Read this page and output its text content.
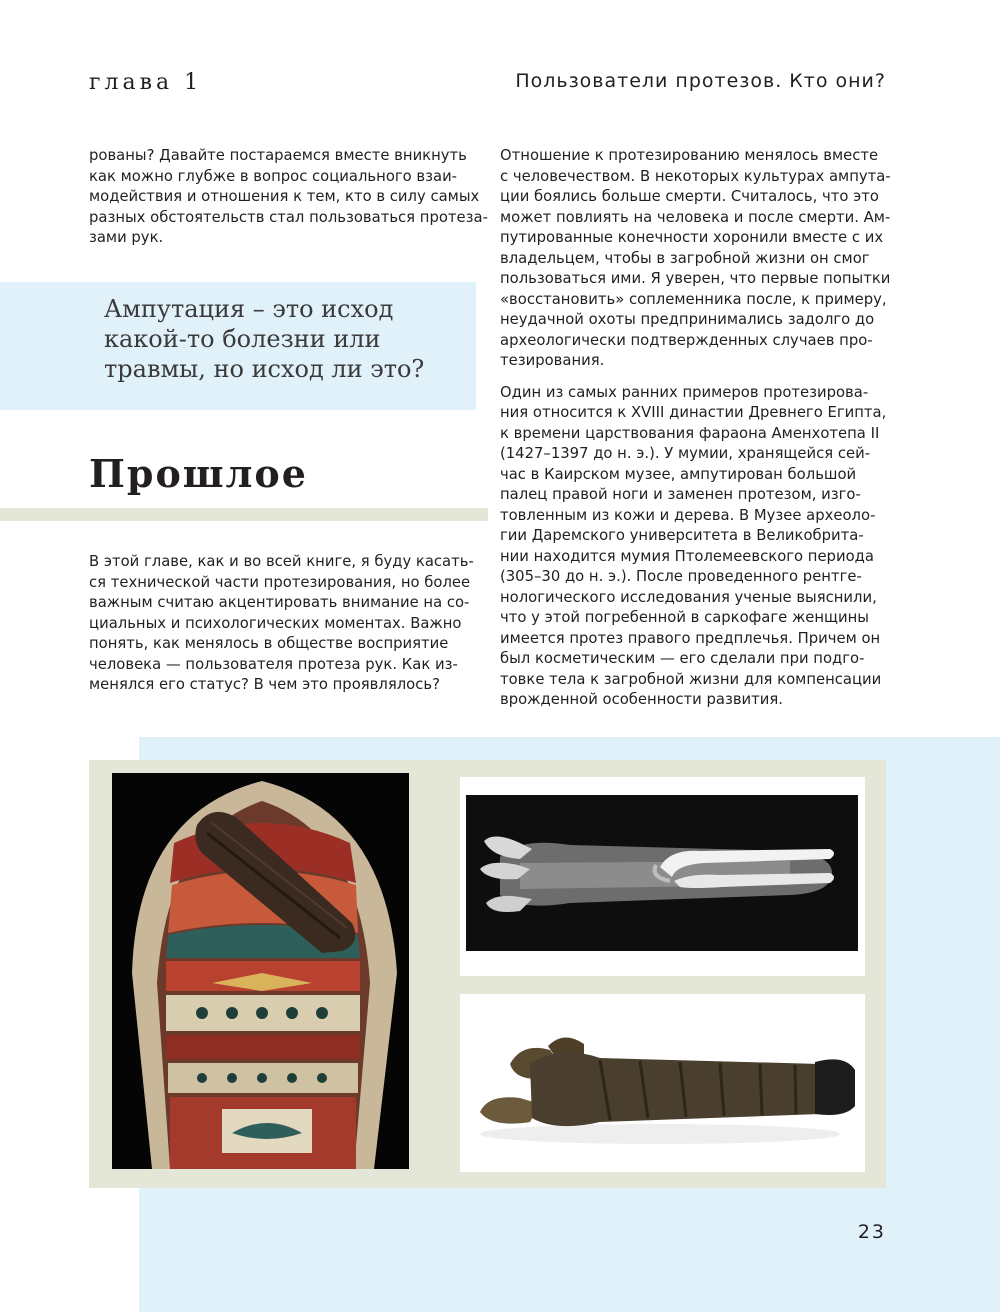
глава 1	Пользователи протезов. Кто они?
рованы? Давайте постараемся вместе вникнуть
как можно глубже в вопрос социального взаи-
модействия и отношения к тем, кто в силу самых
разных обстоятельств стал пользоваться протеза-
зами рук.
Ампутация – это исход
какой-то болезни или
травмы, но исход ли это?
Прошлое
В этой главе, как и во всей книге, я буду касать-
ся технической части протезирования, но более
важным считаю акцентировать внимание на со-
циальных и психологических моментах. Важно
понять, как менялось в обществе восприятие
человека — пользователя протеза рук. Как из-
менялся его статус? В чем это проявлялось?
Отношение к протезированию менялось вместе
с человечеством. В некоторых культурах ампута-
ции боялись больше смерти. Считалось, что это
может повлиять на человека и после смерти. Ам-
путированные конечности хоронили вместе с их
владельцем, чтобы в загробной жизни он смог
пользоваться ими. Я уверен, что первые попытки
«восстановить» соплеменника после, к примеру,
неудачной охоты предпринимались задолго до
археологически подтвержденных случаев про-
тезирования.
Один из самых ранних примеров протезирова-
ния относится к XVIII династии Древнего Египта,
к времени царствования фараона Аменхотепа II
(1427–1397 до н. э.). У мумии, хранящейся сей-
час в Каирском музее, ампутирован большой
палец правой ноги и заменен протезом, изго-
товленным из кожи и дерева. В Музее археоло-
гии Даремского университета в Великобрита-
нии находится мумия Птолемеевского периода
(305–30 до н. э.). После проведенного рентге-
нологического исследования ученые выяснили,
что у этой погребенной в саркофаге женщины
имеется протез правого предплечья. Причем он
был косметическим — его сделали при подго-
товке тела к загробной жизни для компенсации
врожденной особенности развития.
23
